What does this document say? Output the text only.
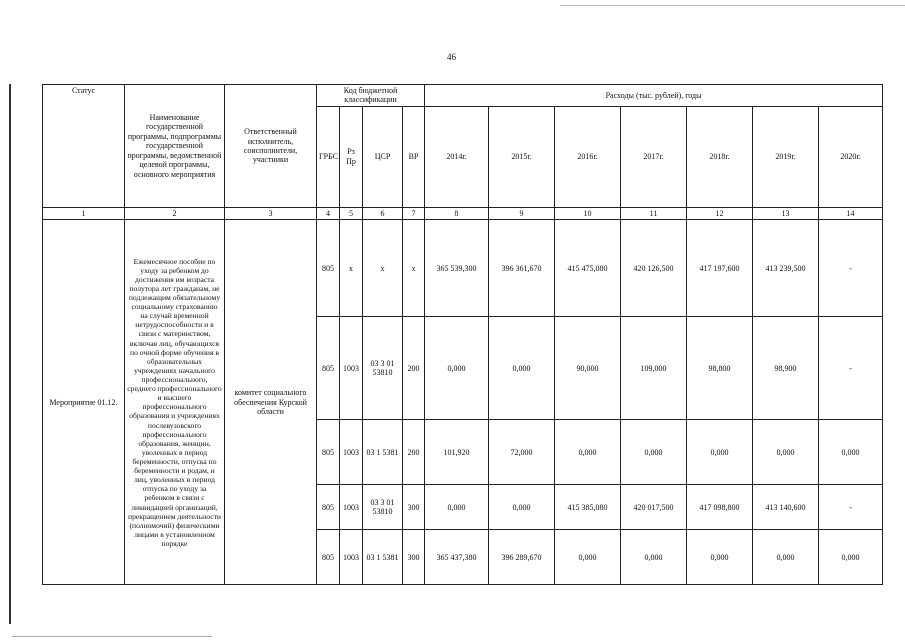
46
Статус	Наименование государственной программы, подпрограммы государственной программы, ведомственной целевой программы, основного мероприятия	Ответственный исполнитель, соисполнители, участники	Код бюджетной классификации				Расходы (тыс. рублей), годы						
			ГРБС	Рз Пр	ЦСР	ВР	2014г.	2015г.	2016г.	2017г.	2018г.	2019г.	2020г.
1	2	3	4	5	6	7	8	9	10	11	12	13	14
Мероприятие 01.12.	Ежемесячное пособие по уходу за ребенком до достижения им возраста полутора лет гражданам, не подлежащим обязательному социальному страхованию на случай временной нетрудоспособности и в связи с материнством, включая лиц, обучающихся по очной форме обучения в образовательных учреждениях начального профессионального, среднего профессионального и высшего профессионального образования и учреждениях послевузовского профессионального образования, женщин, уволенных в период беременности, отпуска по беременности и родам, и лиц, уволенных в период отпуска по уходу за ребенком в связи с ликвидацией организаций, прекращением деятельности (полномочий) физическими лицами в установленном порядке	комитет социального обеспечения Курской области	805	х	х	х	365 539,300	396 361,670	415 475,080	420 126,500	417 197,600	413 239,500	-
			805	1003	03 3 01 53810	200	0,000	0,000	90,000	109,000	98,800	98,900	-
			805	1003	03 1 5381	200	101,920	72,000	0,000	0,000	0,000	0,000	0,000
			805	1003	03 3 01 53810	300	0,000	0,000	415 385,080	420 017,500	417 098,800	413 140,600	-
			805	1003	03 1 5381	300	365 437,380	396 289,670	0,000	0,000	0,000	0,000	0,000
